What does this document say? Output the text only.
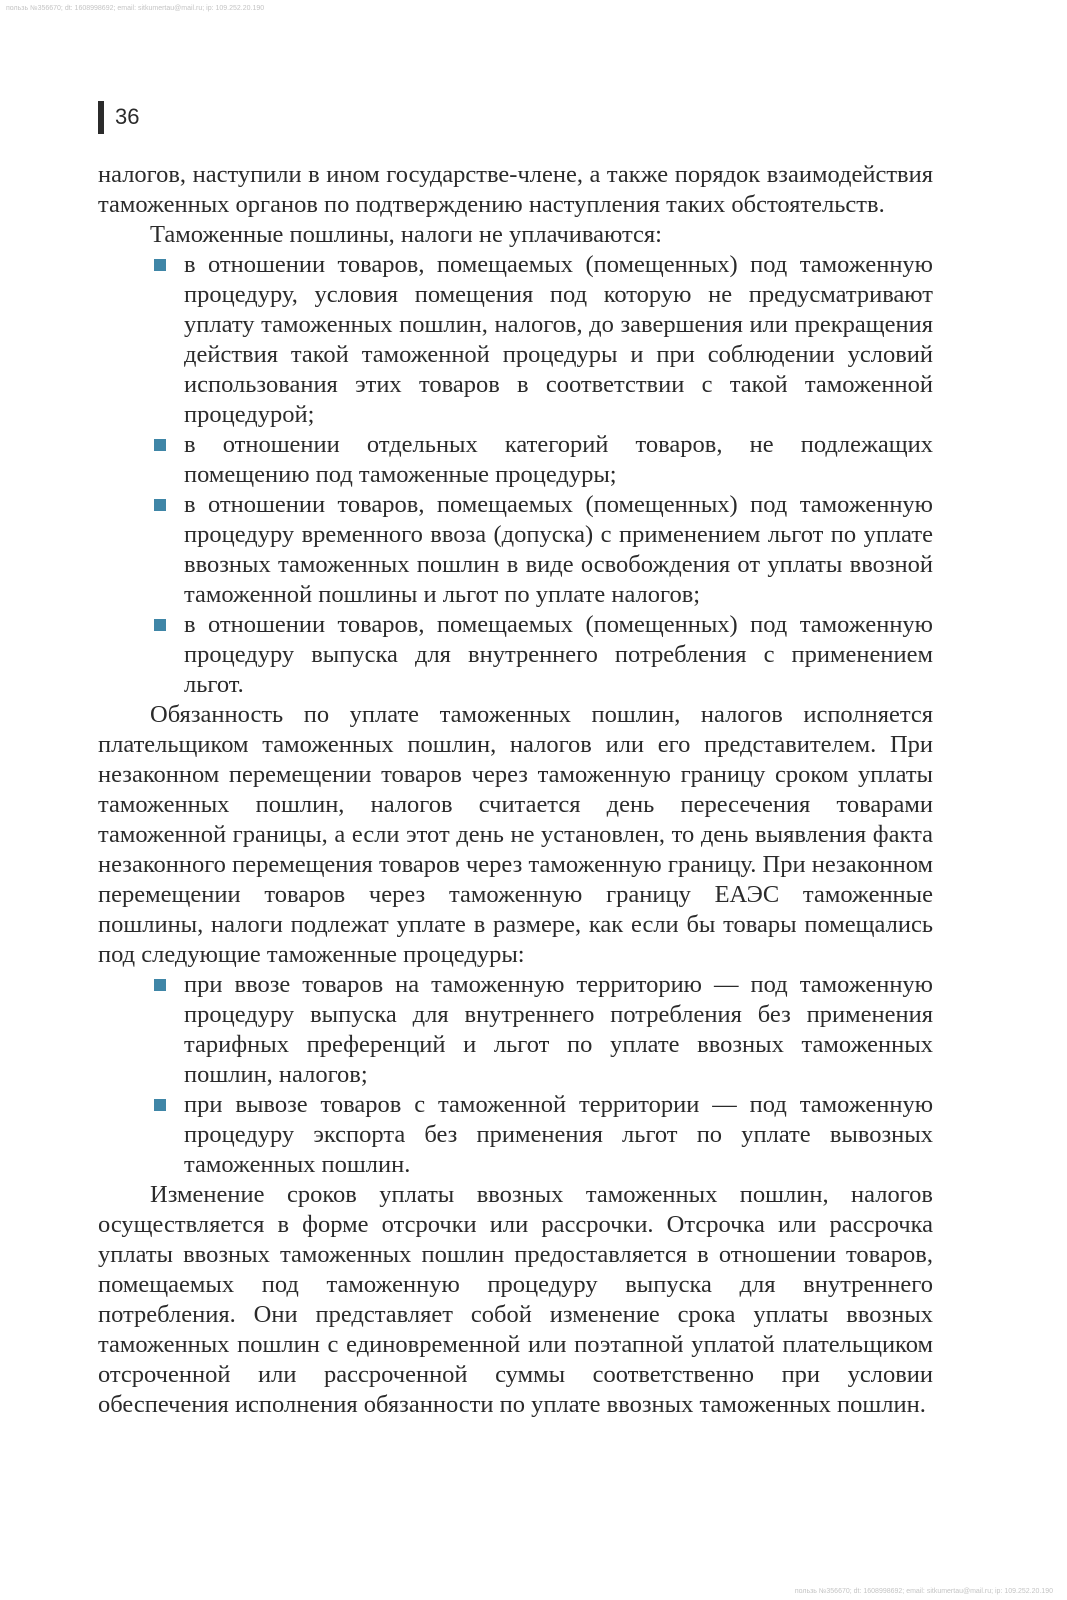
пользь №356670; dt: 1608998692; email: sitkumertau@mail.ru; ip: 109.252.20.190
36

налогов, наступили в ином государстве-члене, а также порядок взаимодействия таможенных органов по подтверждению наступления таких обстоятельств.

Таможенные пошлины, налоги не уплачиваются:

в отношении товаров, помещаемых (помещенных) под таможенную процедуру, условия помещения под которую не предусматривают уплату таможенных пошлин, налогов, до завершения или прекращения действия такой таможенной процедуры и при соблюдении условий использования этих товаров в соответствии с такой таможенной процедурой;
в отношении отдельных категорий товаров, не подлежащих помещению под таможенные процедуры;
в отношении товаров, помещаемых (помещенных) под таможенную процедуру временного ввоза (допуска) с применением льгот по уплате ввозных таможенных пошлин в виде освобождения от уплаты ввозной таможенной пошлины и льгот по уплате налогов;
в отношении товаров, помещаемых (помещенных) под таможенную процедуру выпуска для внутреннего потребления с применением льгот.

Обязанность по уплате таможенных пошлин, налогов исполняется плательщиком таможенных пошлин, налогов или его представителем. При незаконном перемещении товаров через таможенную границу сроком уплаты таможенных пошлин, налогов считается день пересечения товарами таможенной границы, а если этот день не установлен, то день выявления факта незаконного перемещения товаров через таможенную границу. При незаконном перемещении товаров через таможенную границу ЕАЭС таможенные пошлины, налоги подлежат уплате в размере, как если бы товары помещались под следующие таможенные процедуры:

при ввозе товаров на таможенную территорию — под таможенную процедуру выпуска для внутреннего потребления без применения тарифных преференций и льгот по уплате ввозных таможенных пошлин, налогов;
при вывозе товаров с таможенной территории — под таможенную процедуру экспорта без применения льгот по уплате вывозных таможенных пошлин.

Изменение сроков уплаты ввозных таможенных пошлин, налогов осуществляется в форме отсрочки или рассрочки. Отсрочка или рассрочка уплаты ввозных таможенных пошлин предоставляется в отношении товаров, помещаемых под таможенную процедуру выпуска для внутреннего потребления. Они представляет собой изменение срока уплаты ввозных таможенных пошлин с единовременной или поэтапной уплатой плательщиком отсроченной или рассроченной суммы соответственно при условии обеспечения исполнения обязанности по уплате ввозных таможенных пошлин.

пользь №356670; dt: 1608998692; email: sitkumertau@mail.ru; ip: 109.252.20.190
